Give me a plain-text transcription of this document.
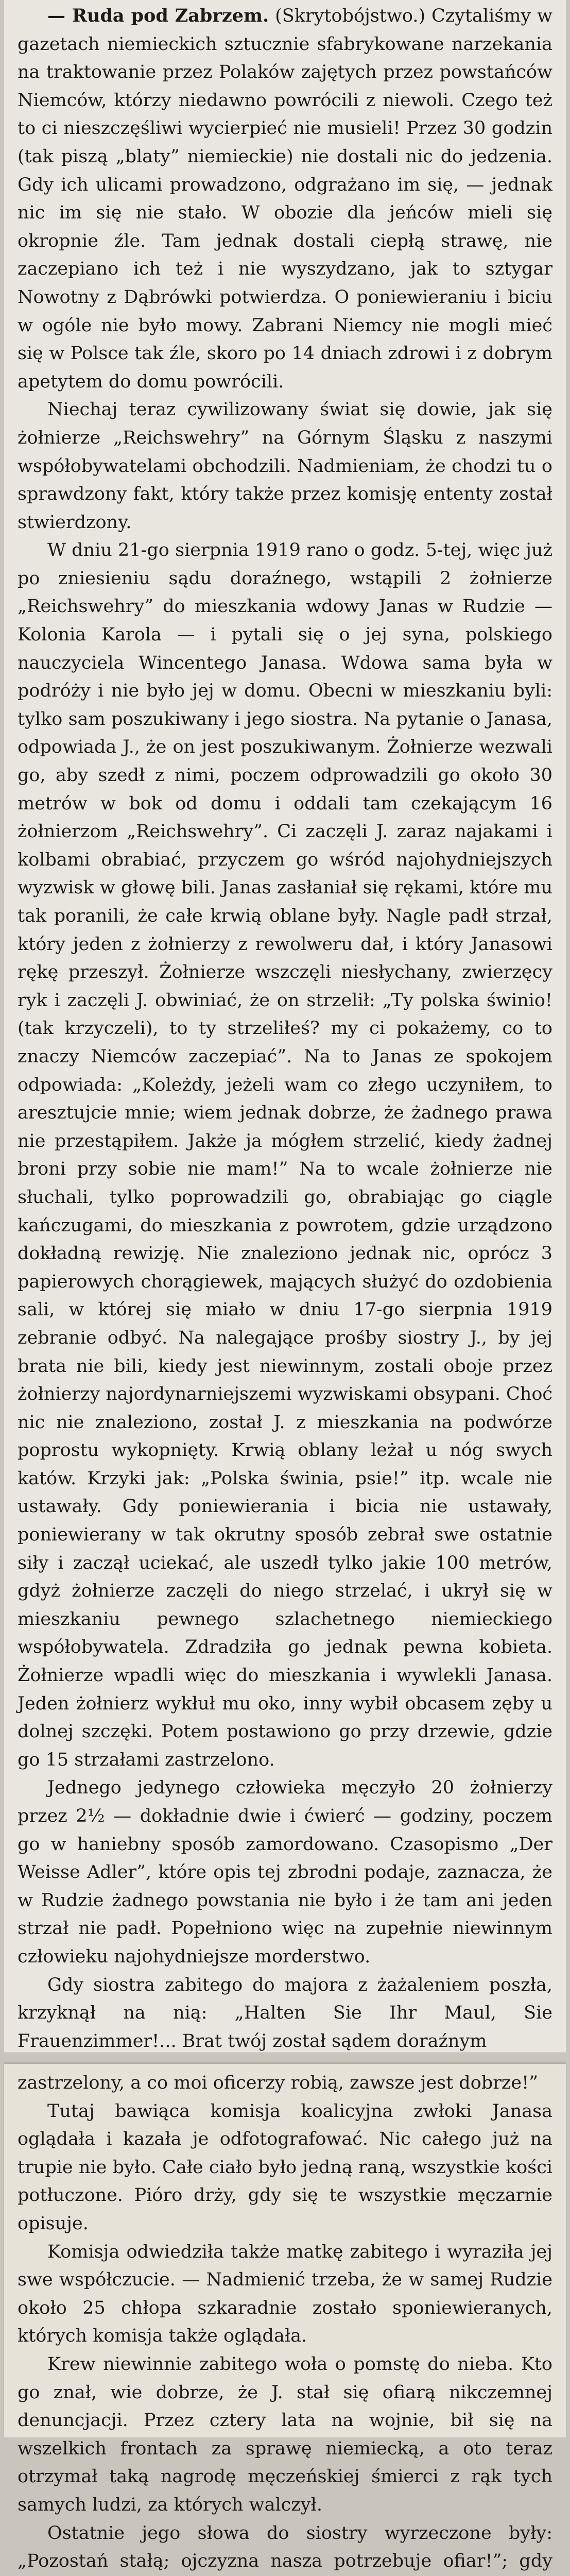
— Ruda pod Zabrzem. (Skrytobójstwo.) Czytaliśmy w gazetach niemieckich sztucznie sfabrykowane narzekania na traktowanie przez Polaków zajętych przez powstańców Niemców, którzy niedawno powrócili z niewoli. Czego też to ci nieszczęśliwi wycierpieć nie musieli! Przez 30 godzin (tak piszą „blaty” niemieckie) nie dostali nic do jedzenia. Gdy ich ulicami prowadzono, odgrażano im się, — jednak nic im się nie stało. W obozie dla jeńców mieli się okropnie źle. Tam jednak dostali ciepłą strawę, nie zaczepiano ich też i nie wyszydzano, jak to sztygar Nowotny z Dąbrówki potwierdza. O poniewieraniu i biciu w ogóle nie było mowy. Zabrani Niemcy nie mogli mieć się w Polsce tak źle, skoro po 14 dniach zdrowi i z dobrym apetytem do domu powrócili.

Niechaj teraz cywilizowany świat się dowie, jak się żołnierze „Reichswehry” na Górnym Śląsku z naszymi współobywatelami obchodzili. Nadmieniam, że chodzi tu o sprawdzony fakt, który także przez komisję ententy został stwierdzony.

W dniu 21-go sierpnia 1919 rano o godz. 5-tej, więc już po zniesieniu sądu doraźnego, wstąpili 2 żołnierze „Reichswehry” do mieszkania wdowy Janas w Rudzie — Kolonia Karola — i pytali się o jej syna, polskiego nauczyciela Wincentego Janasa. Wdowa sama była w podróży i nie było jej w domu. Obecni w mieszkaniu byli: tylko sam poszukiwany i jego siostra. Na pytanie o Janasa, odpowiada J., że on jest poszukiwanym. Żołnierze wezwali go, aby szedł z nimi, poczem odprowadzili go około 30 metrów w bok od domu i oddali tam czekającym 16 żołnierzom „Reichswehry”. Ci zaczęli J. zaraz najakami i kolbami obrabiać, przyczem go wśród najohydniejszych wyzwisk w głowę bili. Janas zasłaniał się rękami, które mu tak poranili, że całe krwią oblane były. Nagle padł strzał, który jeden z żołnierzy z rewolweru dał, i który Janasowi rękę przeszył. Żołnierze wszczęli niesłychany, zwierzęcy ryk i zaczęli J. obwiniać, że on strzelił: „Ty polska świnio! (tak krzyczeli), to ty strzeliłeś? my ci pokażemy, co to znaczy Niemców zaczepiać”. Na to Janas ze spokojem odpowiada: „Koleżdy, jeżeli wam co złego uczyniłem, to aresztujcie mnie; wiem jednak dobrze, że żadnego prawa nie przestąpiłem. Jakże ja mógłem strzelić, kiedy żadnej broni przy sobie nie mam!” Na to wcale żołnierze nie słuchali, tylko poprowadzili go, obrabiając go ciągle kańczugami, do mieszkania z powrotem, gdzie urządzono dokładną rewizję. Nie znaleziono jednak nic, oprócz 3 papierowych chorągiewek, mających służyć do ozdobienia sali, w której się miało w dniu 17-go sierpnia 1919 zebranie odbyć. Na nalegające prośby siostry J., by jej brata nie bili, kiedy jest niewinnym, zostali oboje przez żołnierzy najordynarniejszemi wyzwiskami obsypani. Choć nic nie znaleziono, został J. z mieszkania na podwórze poprostu wykopnięty. Krwią oblany leżał u nóg swych katów. Krzyki jak: „Polska świnia, psie!” itp. wcale nie ustawały. Gdy poniewierania i bicia nie ustawały, poniewierany w tak okrutny sposób zebrał swe ostatnie siły i zaczął uciekać, ale uszedł tylko jakie 100 metrów, gdyż żołnierze zaczęli do niego strzelać, i ukrył się w mieszkaniu pewnego szlachetnego niemieckiego współobywatela. Zdradziła go jednak pewna kobieta. Żołnierze wpadli więc do mieszkania i wywlekli Janasa. Jeden żołnierz wykłuł mu oko, inny wybił obcasem zęby u dolnej szczęki. Potem postawiono go przy drzewie, gdzie go 15 strzałami zastrzelono.

Jednego jedynego człowieka męczyło 20 żołnierzy przez 2½ — dokładnie dwie i ćwierć — godziny, poczem go w haniebny sposób zamordowano. Czasopismo „Der Weisse Adler”, które opis tej zbrodni podaje, zaznacza, że w Rudzie żadnego powstania nie było i że tam ani jeden strzał nie padł. Popełniono więc na zupełnie niewinnym człowieku najohydniejsze morderstwo.

Gdy siostra zabitego do majora z żażaleniem poszła, krzyknął na nią: „Halten Sie Ihr Maul, Sie Frauenzimmer!... Brat twój został sądem doraźnym

zastrzelony, a co moi oficerzy robią, zawsze jest dobrze!”

Tutaj bawiąca komisja koalicyjna zwłoki Janasa oglądała i kazała je odfotografować. Nic całego już na trupie nie było. Całe ciało było jedną raną, wszystkie kości potłuczone. Pióro drży, gdy się te wszystkie męczarnie opisuje.

Komisja odwiedziła także matkę zabitego i wyraziła jej swe współczucie. — Nadmienić trzeba, że w samej Rudzie około 25 chłopa szkaradnie zostało sponiewieranych, których komisja także oglądała.

Krew niewinnie zabitego woła o pomstę do nieba. Kto go znał, wie dobrze, że J. stał się ofiarą nikczemnej denuncjacji. Przez cztery lata na wojnie, bił się na wszelkich frontach za sprawę niemiecką, a oto teraz otrzymał taką nagrodę męczeńskiej śmierci z rąk tych samych ludzi, za których walczył.

Ostatnie jego słowa do siostry wyrzeczone były: „Pozostań stałą; ojczyzna nasza potrzebuje ofiar!”; gdy
